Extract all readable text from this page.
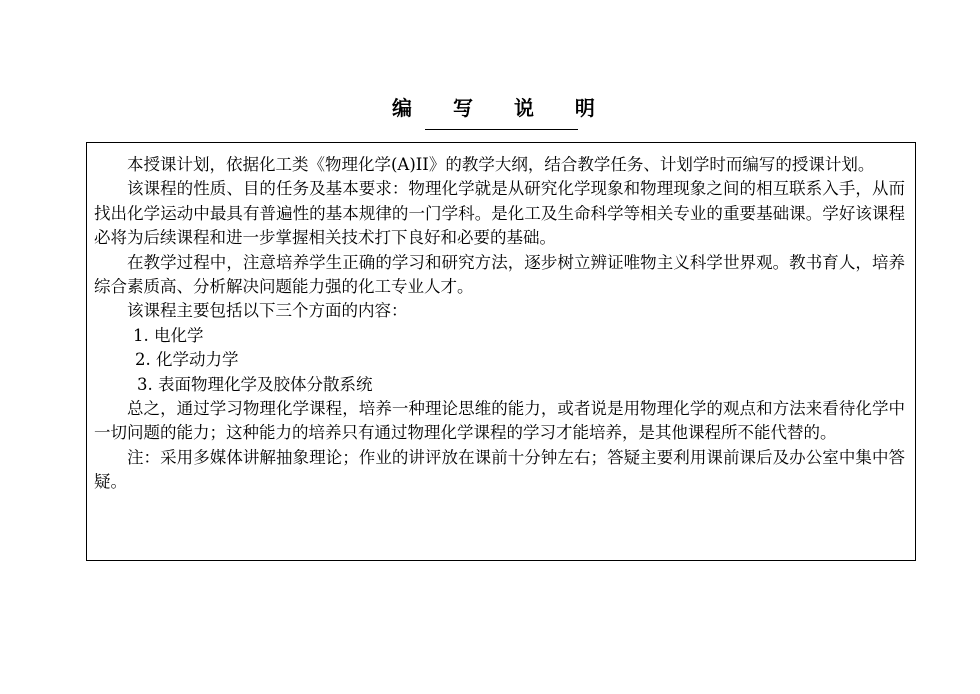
编 写 说 明

本授课计划，依据化工类《物理化学(A)II》的教学大纲，结合教学任务、计划学时而编写的授课计划。

该课程的性质、目的任务及基本要求：物理化学就是从研究化学现象和物理现象之间的相互联系入手，从而找出化学运动中最具有普遍性的基本规律的一门学科。是化工及生命科学等相关专业的重要基础课。学好该课程必将为后续课程和进一步掌握相关技术打下良好和必要的基础。

在教学过程中，注意培养学生正确的学习和研究方法，逐步树立辨证唯物主义科学世界观。教书育人，培养综合素质高、分析解决问题能力强的化工专业人才。

该课程主要包括以下三个方面的内容：

1. 电化学

2. 化学动力学

3. 表面物理化学及胶体分散系统

总之，通过学习物理化学课程，培养一种理论思维的能力，或者说是用物理化学的观点和方法来看待化学中一切问题的能力；这种能力的培养只有通过物理化学课程的学习才能培养，是其他课程所不能代替的。

注：采用多媒体讲解抽象理论；作业的讲评放在课前十分钟左右；答疑主要利用课前课后及办公室中集中答疑。
